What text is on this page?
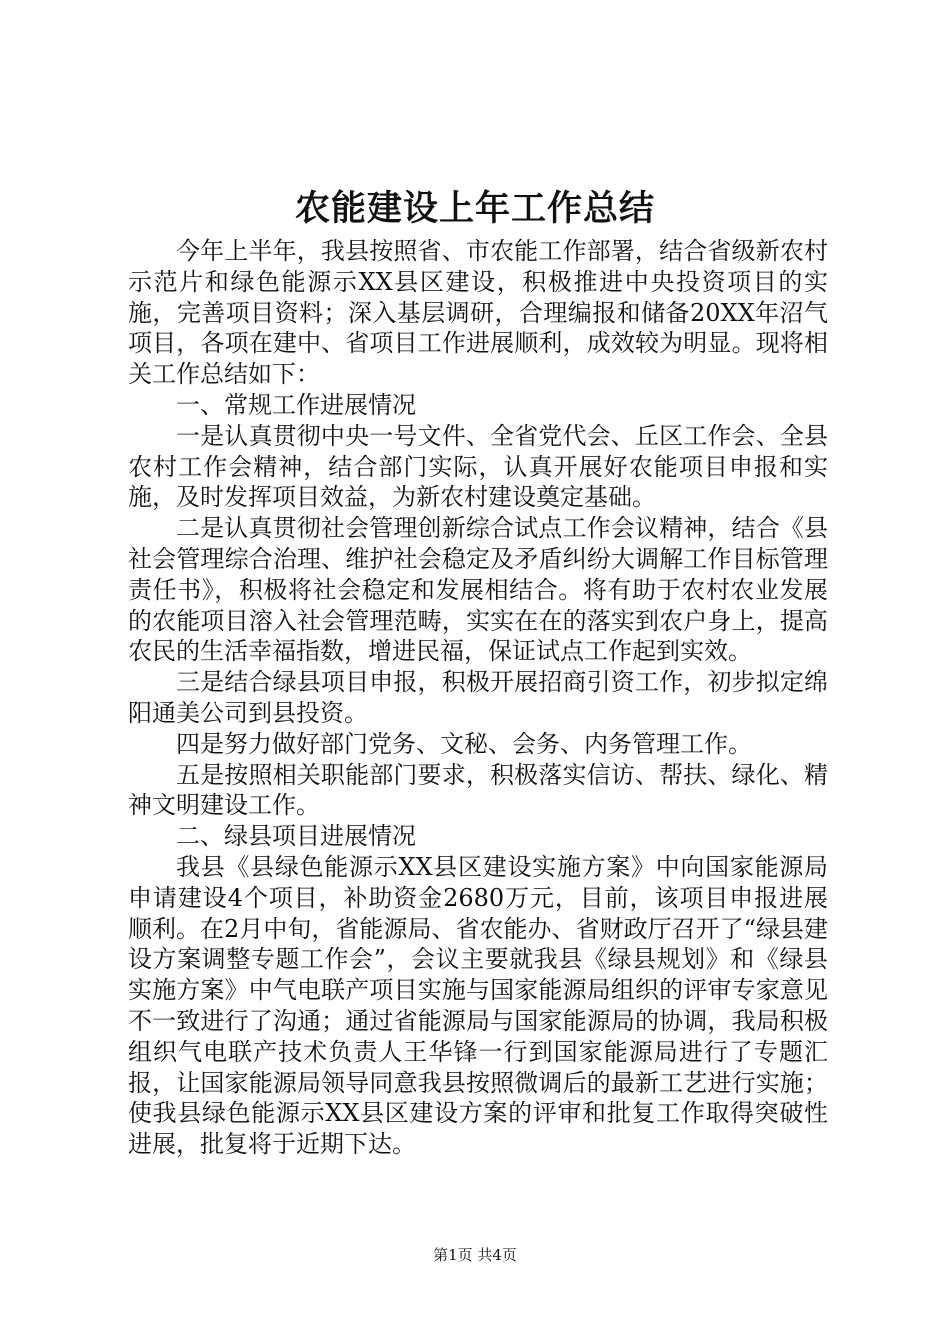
农能建设上年工作总结

今年上半年，我县按照省、市农能工作部署，结合省级新农村示范片和绿色能源示XX县区建设，积极推进中央投资项目的实施，完善项目资料；深入基层调研，合理编报和储备20XX年沼气项目，各项在建中、省项目工作进展顺利，成效较为明显。现将相关工作总结如下：

一、常规工作进展情况

一是认真贯彻中央一号文件、全省党代会、丘区工作会、全县农村工作会精神，结合部门实际，认真开展好农能项目申报和实施，及时发挥项目效益，为新农村建设奠定基础。

二是认真贯彻社会管理创新综合试点工作会议精神，结合《县社会管理综合治理、维护社会稳定及矛盾纠纷大调解工作目标管理责任书》，积极将社会稳定和发展相结合。将有助于农村农业发展的农能项目溶入社会管理范畴，实实在在的落实到农户身上，提高农民的生活幸福指数，增进民福，保证试点工作起到实效。

三是结合绿县项目申报，积极开展招商引资工作，初步拟定绵阳通美公司到县投资。

四是努力做好部门党务、文秘、会务、内务管理工作。

五是按照相关职能部门要求，积极落实信访、帮扶、绿化、精神文明建设工作。

二、绿县项目进展情况

我县《县绿色能源示XX县区建设实施方案》中向国家能源局申请建设4个项目，补助资金2680万元，目前，该项目申报进展顺利。在2月中旬，省能源局、省农能办、省财政厅召开了“绿县建设方案调整专题工作会”，会议主要就我县《绿县规划》和《绿县实施方案》中气电联产项目实施与国家能源局组织的评审专家意见不一致进行了沟通；通过省能源局与国家能源局的协调，我局积极组织气电联产技术负责人王华锋一行到国家能源局进行了专题汇报，让国家能源局领导同意我县按照微调后的最新工艺进行实施；使我县绿色能源示XX县区建设方案的评审和批复工作取得突破性进展，批复将于近期下达。

第1页 共4页
